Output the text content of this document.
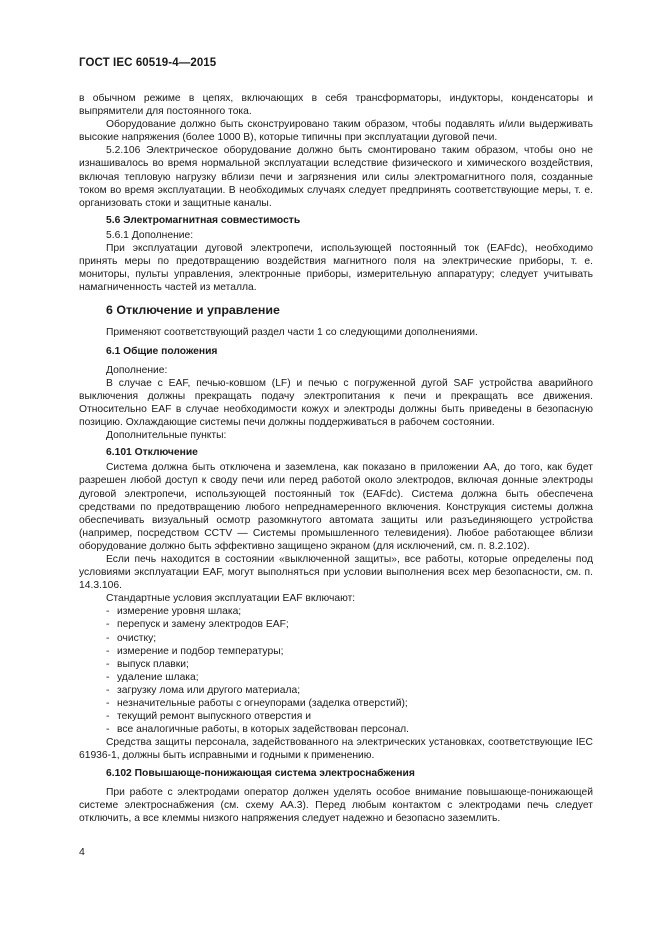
ГОСТ IEC 60519-4—2015
в обычном режиме в цепях, включающих в себя трансформаторы, индукторы, конденсаторы и выпрямители для постоянного тока.
Оборудование должно быть сконструировано таким образом, чтобы подавлять и/или выдерживать высокие напряжения (более 1000 В), которые типичны при эксплуатации дуговой печи.
5.2.106 Электрическое оборудование должно быть смонтировано таким образом, чтобы оно не изнашивалось во время нормальной эксплуатации вследствие физического и химического воздействия, включая тепловую нагрузку вблизи печи и загрязнения или силы электромагнитного поля, созданные током во время эксплуатации. В необходимых случаях следует предпринять соответствующие меры, т. е. организовать стоки и защитные каналы.
5.6 Электромагнитная совместимость
5.6.1 Дополнение:
При эксплуатации дуговой электропечи, использующей постоянный ток (EAFdc), необходимо принять меры по предотвращению воздействия магнитного поля на электрические приборы, т. е. мониторы, пульты управления, электронные приборы, измерительную аппаратуру; следует учитывать намагниченность частей из металла.
6 Отключение и управление
Применяют соответствующий раздел части 1 со следующими дополнениями.
6.1 Общие положения
Дополнение:
В случае с EAF, печью-ковшом (LF) и печью с погруженной дугой SAF устройства аварийного выключения должны прекращать подачу электропитания к печи и прекращать все движения. Относительно EAF в случае необходимости кожух и электроды должны быть приведены в безопасную позицию. Охлаждающие системы печи должны поддерживаться в рабочем состоянии.
Дополнительные пункты:
6.101 Отключение
Система должна быть отключена и заземлена, как показано в приложении АА, до того, как будет разрешен любой доступ к своду печи или перед работой около электродов, включая донные электроды дуговой электропечи, использующей постоянный ток (EAFdc). Система должна быть обеспечена средствами по предотвращению любого непреднамеренного включения. Конструкция системы должна обеспечивать визуальный осмотр разомкнутого автомата защиты или разъединяющего устройства (например, посредством CCTV — Системы промышленного телевидения). Любое работающее вблизи оборудование должно быть эффективно защищено экраном (для исключений, см. п. 8.2.102).
Если печь находится в состоянии «выключенной защиты», все работы, которые определены под условиями эксплуатации EAF, могут выполняться при условии выполнения всех мер безопасности, см. п. 14.3.106.
Стандартные условия эксплуатации EAF включают:
- измерение уровня шлака;
- перепуск и замену электродов EAF;
- очистку;
- измерение и подбор температуры;
- выпуск плавки;
- удаление шлака;
- загрузку лома или другого материала;
- незначительные работы с огнеупорами (заделка отверстий);
- текущий ремонт выпускного отверстия и
- все аналогичные работы, в которых задействован персонал.
Средства защиты персонала, задействованного на электрических установках, соответствующие IEC 61936-1, должны быть исправными и годными к применению.
6.102 Повышающе-понижающая система электроснабжения
При работе с электродами оператор должен уделять особое внимание повышающе-понижающей системе электроснабжения (см. схему АА.3). Перед любым контактом с электродами печь следует отключить, а все клеммы низкого напряжения следует надежно и безопасно заземлить.
4
